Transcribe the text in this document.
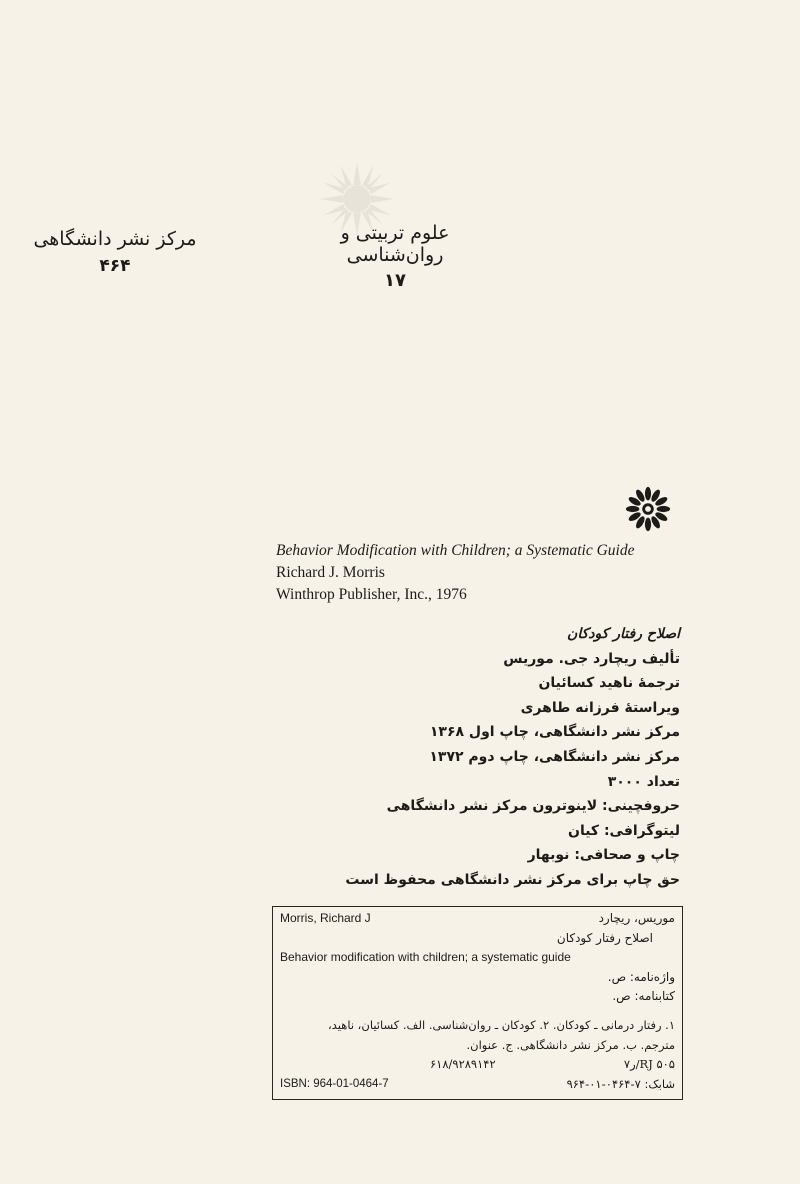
علوم تربیتی و روان‌شناسی
۱۷
مرکز نشر دانشگاهی
۴۶۴
Behavior Modification with Children; a Systematic Guide
Richard J. Morris
Winthrop Publisher, Inc., 1976
اصلاح رفتار کودکان
تألیف ریچارد جی. موریس
ترجمهٔ ناهید کسائیان
ویراستهٔ فرزانه طاهری
مرکز نشر دانشگاهی، چاپ اول ۱۳۶۸
مرکز نشر دانشگاهی، چاپ دوم ۱۳۷۲
تعداد ۳۰۰۰
حروفچینی: لاینوترون مرکز نشر دانشگاهی
لیتوگرافی: کیان
چاپ و صحافی: نوبهار
حق چاپ برای مرکز نشر دانشگاهی محفوظ است
Morris, Richard J	موریس، ریچارد
اصلاح رفتار کودکان
Behavior modification with children; a systematic guide
واژه‌نامه: ص.
کتابنامه: ص.
۱. رفتار درمانی ـ کودکان. ۲. کودکان ـ روان‌شناسی. الف. کسائیان، ناهید،
مترجم. ب. مرکز نشر دانشگاهی. ج. عنوان.
۶۱۸/۹۲۸۹۱۴۲	RJ ۵۰۵/ر۷
ISBN: 964-01-0464-7	شابک: ۷-۰۴۶۴-۰۱-۹۶۴
